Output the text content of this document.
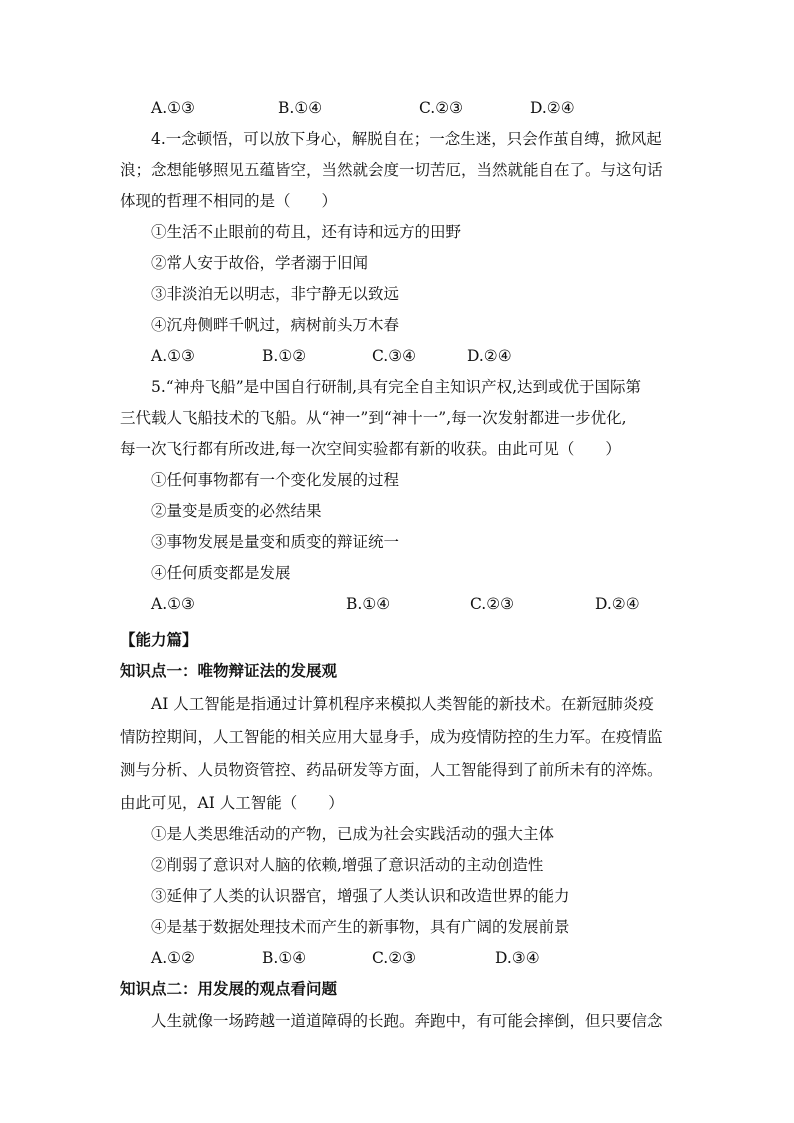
A.①③	B.①④	C.②③	D.②④
4.一念顿悟，可以放下身心，解脱自在；一念生迷，只会作茧自缚，掀风起
浪；念想能够照见五蕴皆空，当然就会度一切苦厄，当然就能自在了。与这句话
体现的哲理不相同的是（　　）
①生活不止眼前的苟且，还有诗和远方的田野
②常人安于故俗，学者溺于旧闻
③非淡泊无以明志，非宁静无以致远
④沉舟侧畔千帆过，病树前头万木春
A.①③	B.①②	C.③④	D.②④
5.“神舟飞船”是中国自行研制,具有完全自主知识产权,达到或优于国际第
三代载人飞船技术的飞船。从“神一”到“神十一”,每一次发射都进一步优化,
每一次飞行都有所改进,每一次空间实验都有新的收获。由此可见（　　）
①任何事物都有一个变化发展的过程
②量变是质变的必然结果
③事物发展是量变和质变的辩证统一
④任何质变都是发展
A.①③	B.①④	C.②③	D.②④
【能力篇】
知识点一：唯物辩证法的发展观
AI 人工智能是指通过计算机程序来模拟人类智能的新技术。在新冠肺炎疫
情防控期间，人工智能的相关应用大显身手，成为疫情防控的生力军。在疫情监
测与分析、人员物资管控、药品研发等方面，人工智能得到了前所未有的淬炼。
由此可见，AI 人工智能（　　）
①是人类思维活动的产物，已成为社会实践活动的强大主体
②削弱了意识对人脑的依赖,增强了意识活动的主动创造性
③延伸了人类的认识器官，增强了人类认识和改造世界的能力
④是基于数据处理技术而产生的新事物，具有广阔的发展前景
A.①②	B.①④	C.②③	D.③④
知识点二：用发展的观点看问题
人生就像一场跨越一道道障碍的长跑。奔跑中，有可能会摔倒，但只要信念
